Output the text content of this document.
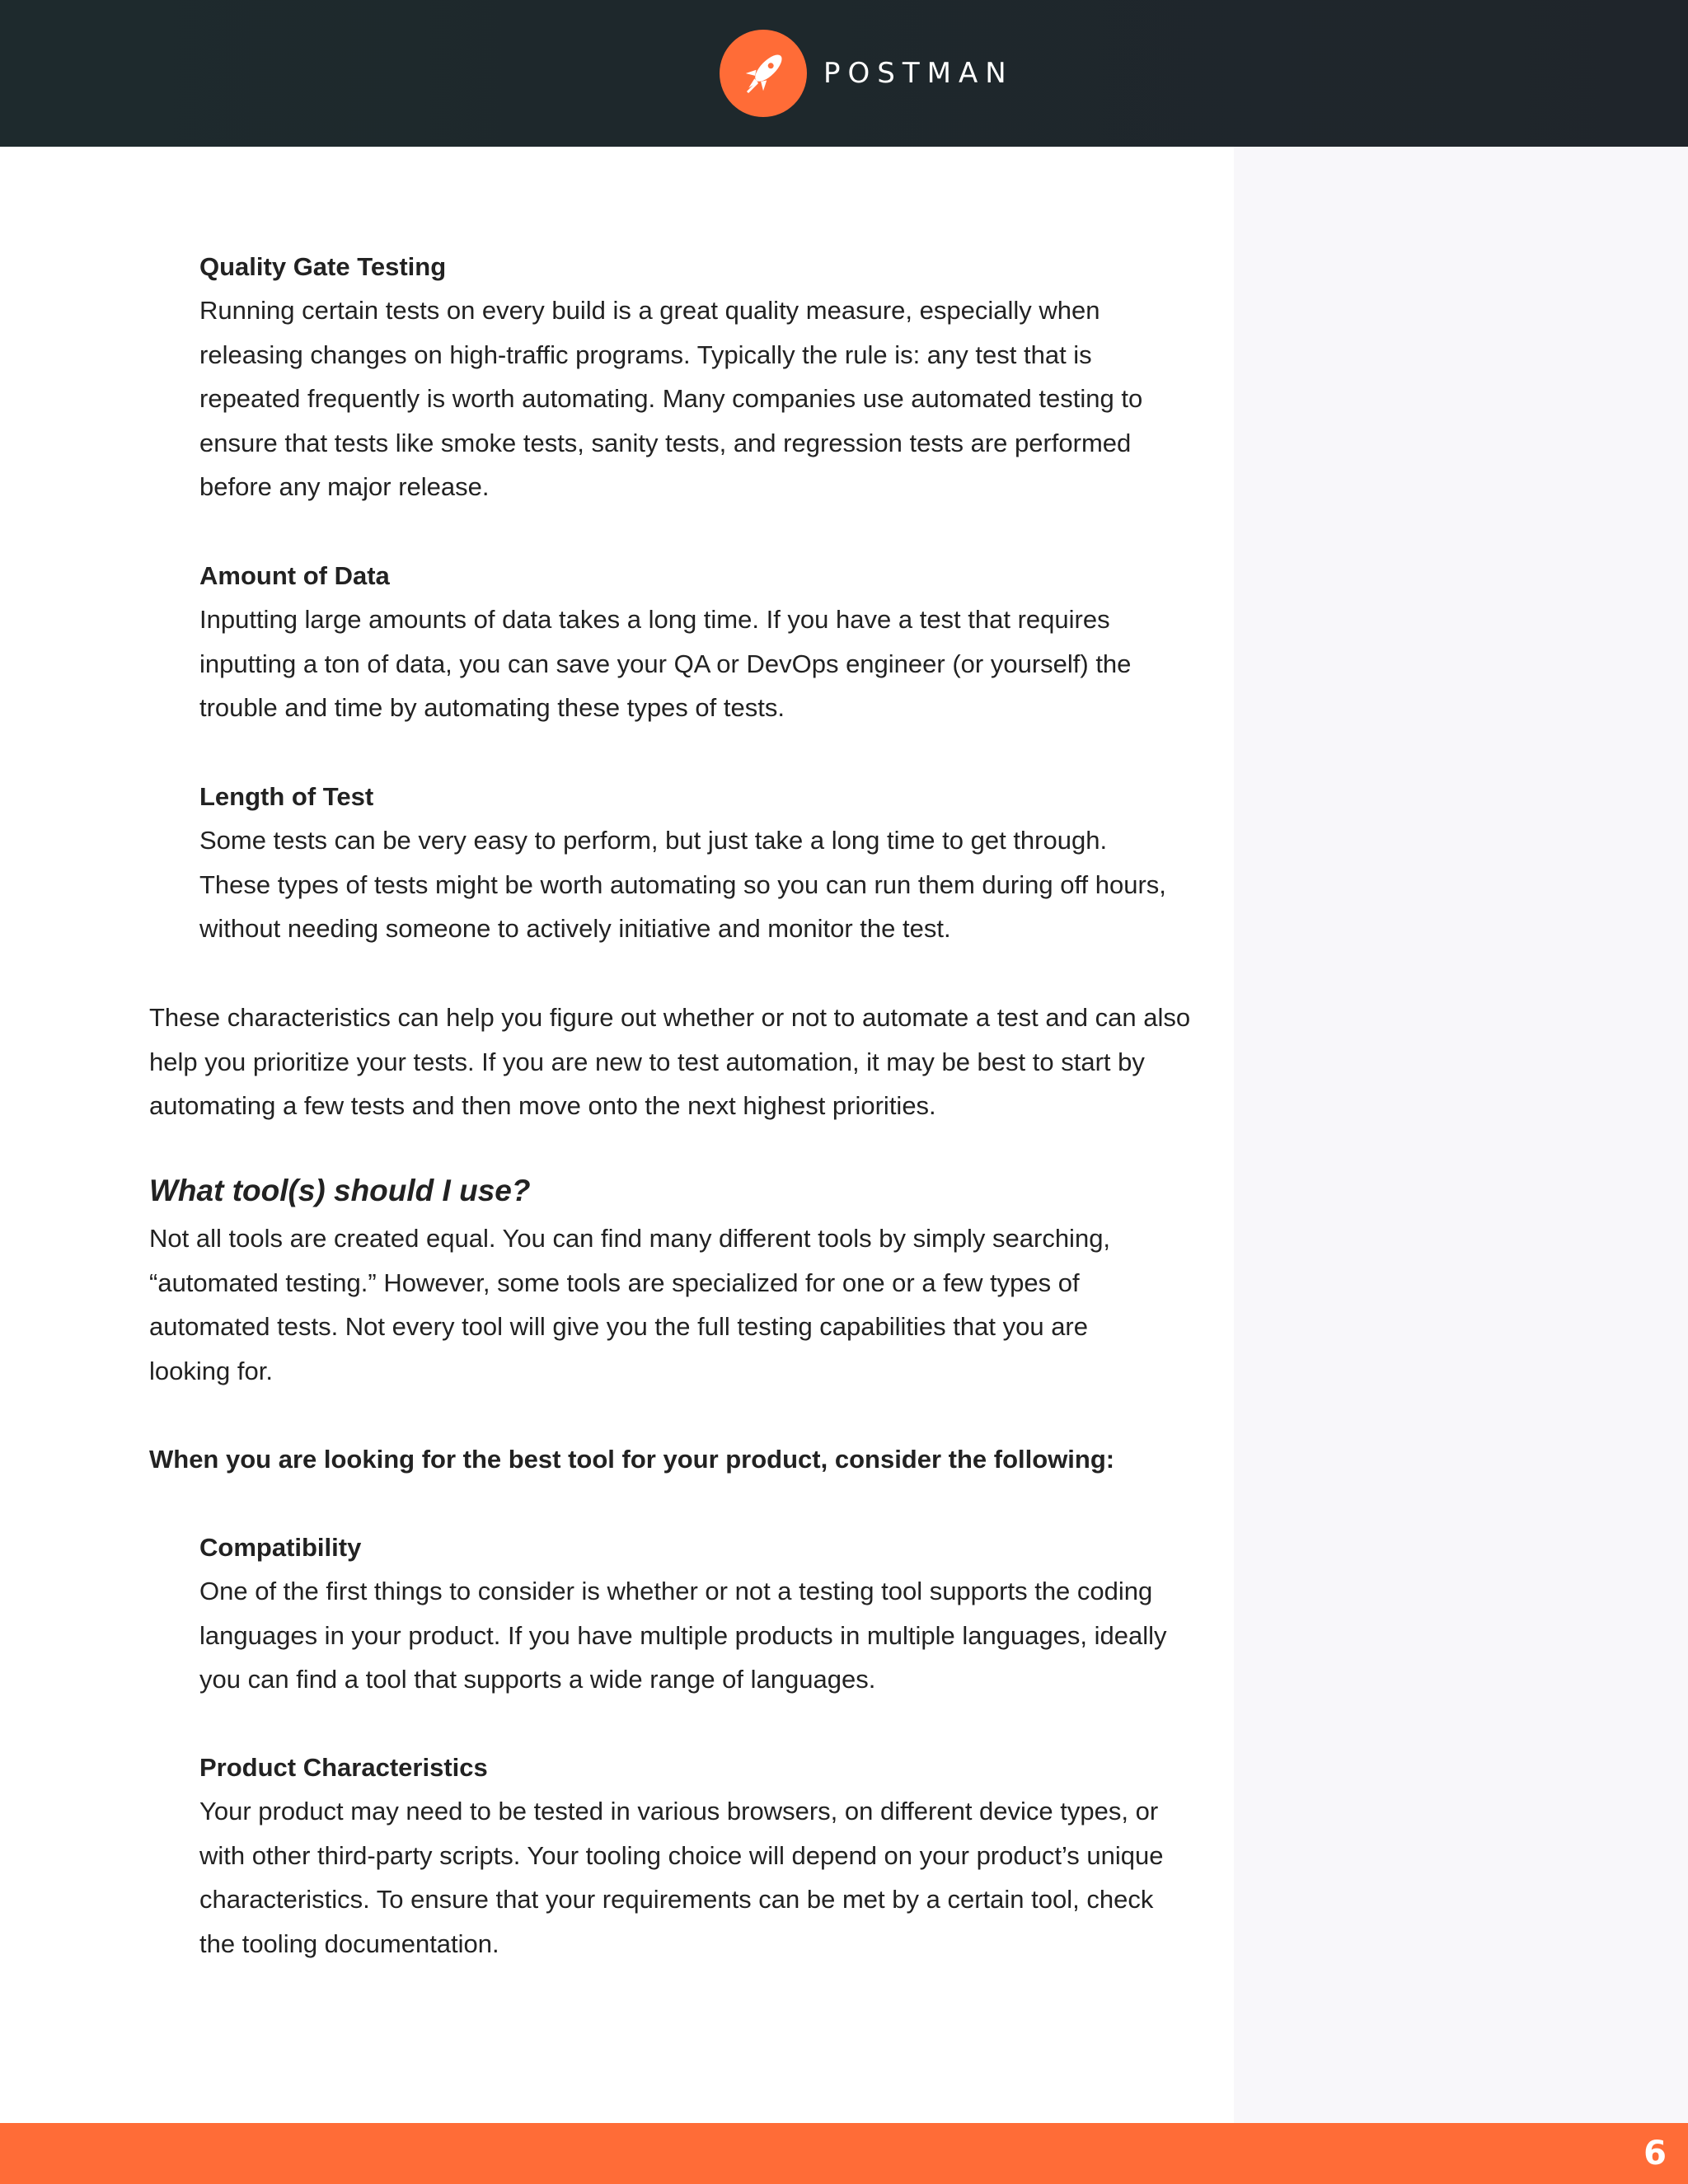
POSTMAN

Quality Gate Testing

Running certain tests on every build is a great quality measure, especially when
releasing changes on high-traffic programs. Typically the rule is: any test that is
repeated frequently is worth automating. Many companies use automated testing to
ensure that tests like smoke tests, sanity tests, and regression tests are performed
before any major release.

Amount of Data

Inputting large amounts of data takes a long time. If you have a test that requires
inputting a ton of data, you can save your QA or DevOps engineer (or yourself) the
trouble and time by automating these types of tests.

Length of Test

Some tests can be very easy to perform, but just take a long time to get through.
These types of tests might be worth automating so you can run them during off hours,
without needing someone to actively initiative and monitor the test.

These characteristics can help you figure out whether or not to automate a test and can also
help you prioritize your tests. If you are new to test automation, it may be best to start by
automating a few tests and then move onto the next highest priorities.

What tool(s) should I use?

Not all tools are created equal. You can find many different tools by simply searching,
“automated testing.” However, some tools are specialized for one or a few types of
automated tests. Not every tool will give you the full testing capabilities that you are
looking for.

When you are looking for the best tool for your product, consider the following:

Compatibility

One of the first things to consider is whether or not a testing tool supports the coding
languages in your product. If you have multiple products in multiple languages, ideally
you can find a tool that supports a wide range of languages.

Product Characteristics

Your product may need to be tested in various browsers, on different device types, or
with other third-party scripts. Your tooling choice will depend on your product’s unique
characteristics. To ensure that your requirements can be met by a certain tool, check
the tooling documentation.

6
